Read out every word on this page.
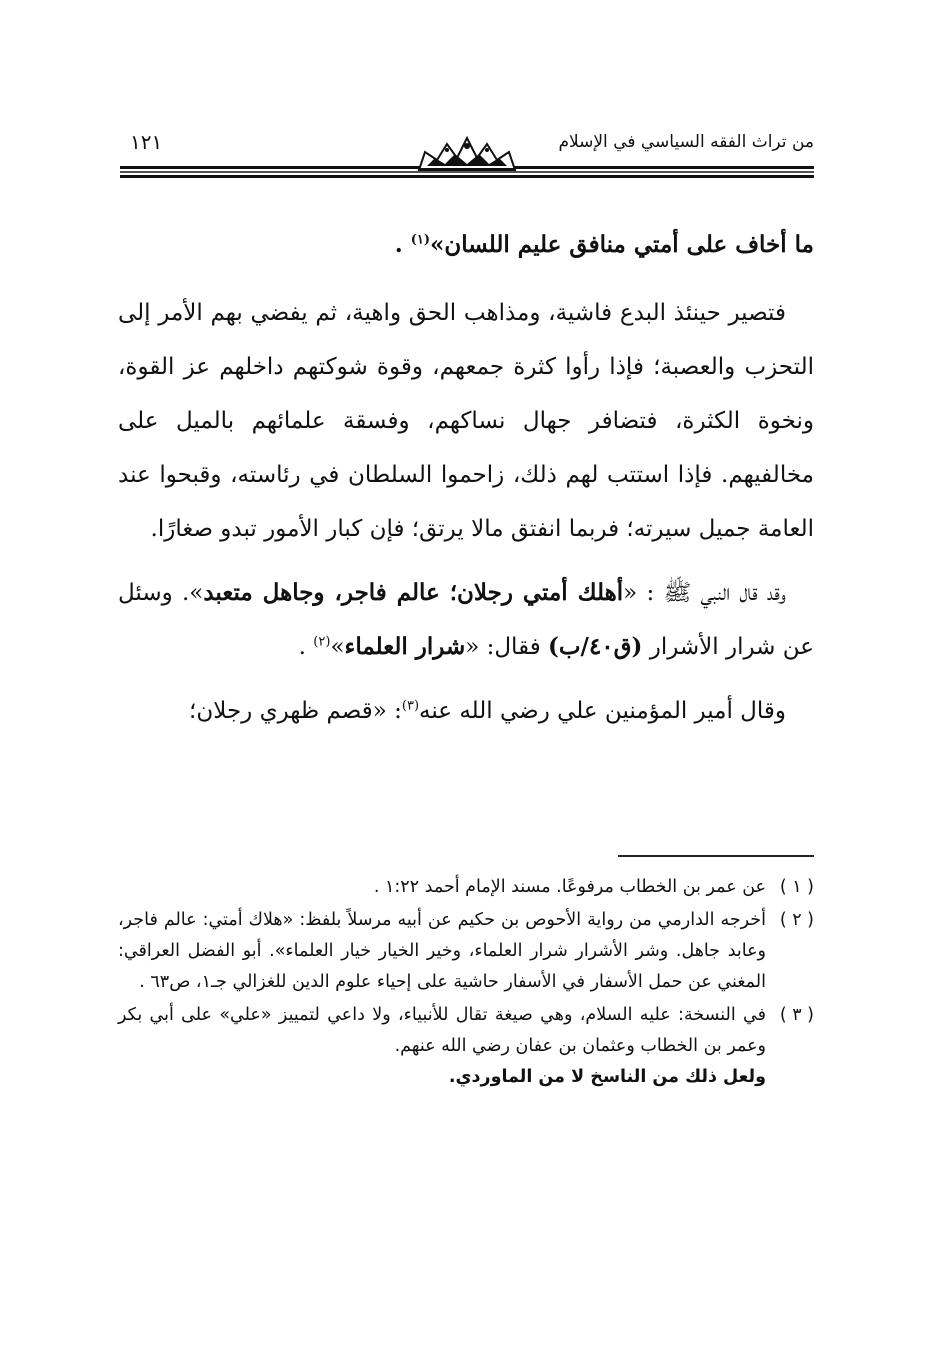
من تراث الفقه السياسي في الإسلام
١٢١

ما أخاف على أمتي منافق عليم اللسان»$^{(١)}$ .

فتصير حينئذ البدع فاشية، ومذاهب الحق واهية، ثم يفضي بهم الأمر إلى التحزب والعصبة؛ فإذا رأوا كثرة جمعهم، وقوة شوكتهم داخلهم عز القوة، ونخوة الكثرة، فتضافر جهال نساكهم، وفسقة علمائهم بالميل على مخالفيهم. فإذا استتب لهم ذلك، زاحموا السلطان في رئاسته، وقبحوا عند العامة جميل سيرته؛ فربما انفتق مالا يرتق؛ فإن كبار الأمور تبدو صغارًا.

وقد قال النبي ﷺ : «أهلك أمتي رجلان؛ عالم فاجر، وجاهل متعبد». وسئل عن شرار الأشرار (ق٤٠/ب) فقال: «شرار العلماء»$^{(٢)}$ .

وقال أمير المؤمنين علي رضي الله عنه$^{(٣)}$: «قصم ظهري رجلان؛

( ١ )
عن عمر بن الخطاب مرفوعًا. مسند الإمام أحمد ١:٢٢ .
( ٢ )
أخرجه الدارمي من رواية الأحوص بن حكيم عن أبيه مرسلاً بلفظ: «هلاك أمتي: عالم فاجر، وعابد جاهل. وشر الأشرار شرار العلماء، وخير الخيار خيار العلماء». أبو الفضل العراقي: المغني عن حمل الأسفار في الأسفار حاشية على إحياء علوم الدين للغزالي جـ١، ص٦٣ .
( ٣ )
في النسخة: عليه السلام، وهي صيغة تقال للأنبياء، ولا داعي لتمييز «علي» على أبي بكر وعمر بن الخطاب وعثمان بن عفان رضي الله عنهم.
ولعل ذلك من الناسخ لا من الماوردي.
